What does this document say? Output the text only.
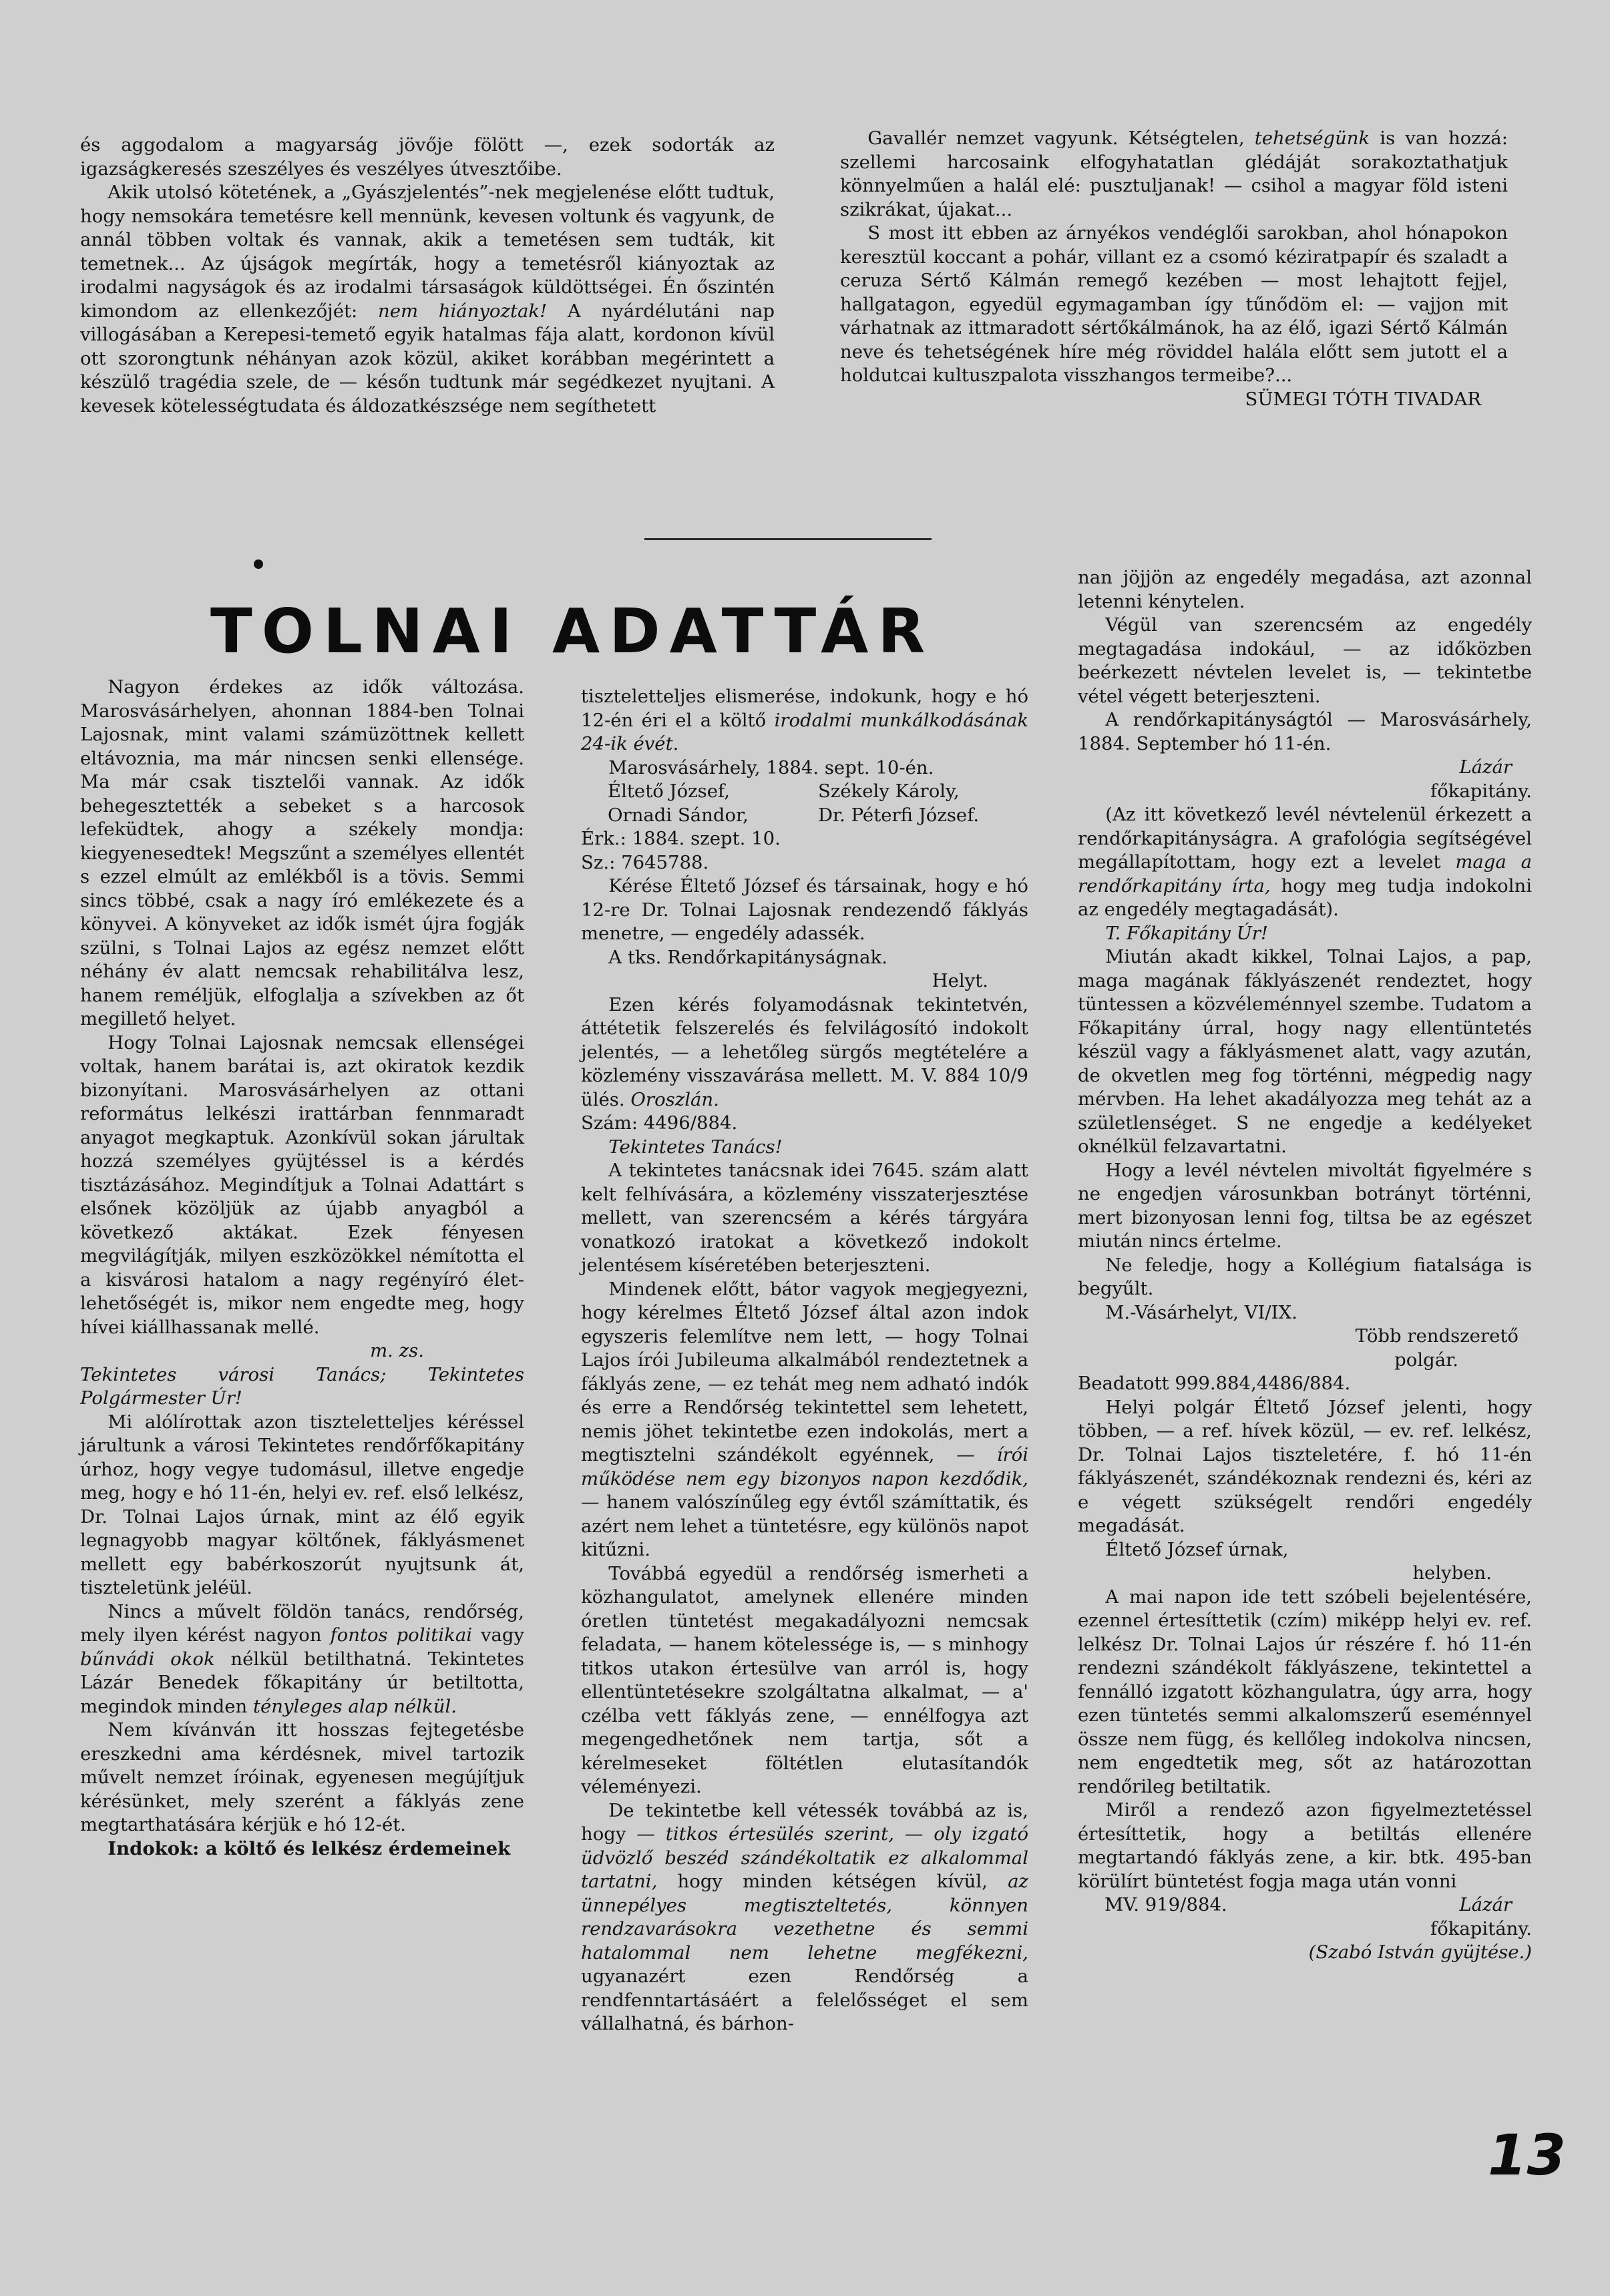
és aggodalom a magyarság jövője fölött —, ezek sodorták az igazságkeresés szeszélyes és veszélyes útvesztőibe.

Akik utolsó kötetének, a „Gyászjelentés”-nek megjelenése előtt tudtuk, hogy nemsokára temetésre kell mennünk, kevesen voltunk és vagyunk, de annál többen voltak és vannak, akik a temetésen sem tudták, kit temetnek... Az újságok megírták, hogy a temetésről kiányoztak az irodalmi nagyságok és az irodalmi társaságok küldöttségei. Én őszintén kimondom az ellenkezőjét: nem hiányoztak! A nyárdélutáni nap villogásában a Kerepesi-temető egyik hatalmas fája alatt, kordonon kívül ott szorongtunk néhányan azok közül, akiket korábban megérintett a készülő tragédia szele, de — későn tudtunk már segédkezet nyujtani. A kevesek kötelességtudata és áldozatkészsége nem segíthetett

Gavallér nemzet vagyunk. Kétségtelen, tehetségünk is van hozzá: szellemi harcosaink elfogyhatatlan glédáját sorakoztathatjuk könnyelműen a halál elé: pusztuljanak! — csihol a magyar föld isteni szikrákat, újakat...

S most itt ebben az árnyékos vendéglői sarokban, ahol hónapokon keresztül koccant a pohár, villant ez a csomó kéziratpapír és szaladt a ceruza Sértő Kálmán remegő kezében — most lehajtott fejjel, hallgatagon, egyedül egymagamban így tűnődöm el: — vajjon mit várhatnak az ittmaradott sértőkálmánok, ha az élő, igazi Sértő Kálmán neve és tehetségének híre még röviddel halála előtt sem jutott el a holdutcai kultuszpalota visszhangos termeibe?...

SÜMEGI TÓTH TIVADAR

TOLNAI ADATTÁR

Nagyon érdekes az idők változása. Marosvásárhelyen, ahonnan 1884-ben Tolnai Lajosnak, mint valami számüzöttnek kellett eltávoznia, ma már nincsen senki ellensége. Ma már csak tisztelői vannak. Az idők behegesztették a sebeket s a harcosok lefeküdtek, ahogy a székely mondja: kiegyenesedtek! Megszűnt a személyes ellentét s ezzel elmúlt az emlékből is a tövis. Semmi sincs többé, csak a nagy író emlékezete és a könyvei. A könyveket az idők ismét újra fogják szülni, s Tolnai Lajos az egész nemzet előtt néhány év alatt nemcsak rehabilitálva lesz, hanem reméljük, elfoglalja a szívekben az őt megillető helyet.

Hogy Tolnai Lajosnak nemcsak ellenségei voltak, hanem barátai is, azt okiratok kezdik bizonyítani. Marosvásárhelyen az ottani református lelkészi irattárban fennmaradt anyagot megkaptuk. Azonkívül sokan járultak hozzá személyes gyüjtéssel is a kérdés tisztázásához. Megindítjuk a Tolnai Adattárt s elsőnek közöljük az újabb anyagból a következő aktákat. Ezek fényesen megvilágítják, milyen eszközökkel némította el a kisvárosi hatalom a nagy regényíró élet-lehetőségét is, mikor nem engedte meg, hogy hívei kiállhassanak mellé.

m. zs.

Tekintetes városi Tanács; Tekintetes Polgármester Úr!

Mi alólírottak azon tiszteletteljes kéréssel járultunk a városi Tekintetes rendőrfőkapitány úrhoz, hogy vegye tudomásul, illetve engedje meg, hogy e hó 11-én, helyi ev. ref. első lelkész, Dr. Tolnai Lajos úrnak, mint az élő egyik legnagyobb magyar költőnek, fáklyásmenet mellett egy babérkoszorút nyujtsunk át, tiszteletünk jeléül.

Nincs a művelt földön tanács, rendőrség, mely ilyen kérést nagyon fontos politikai vagy bűnvádi okok nélkül betilthatná. Tekintetes Lázár Benedek főkapitány úr betiltotta, megindok minden tényleges alap nélkül.

Nem kívánván itt hosszas fejtegetésbe ereszkedni ama kérdésnek, mivel tartozik művelt nemzet íróinak, egyenesen megújítjuk kérésünket, mely szerént a fáklyás zene megtarthatására kérjük e hó 12-ét.

Indokok: a költő és lelkész érdemeinek

tiszteletteljes elismerése, indokunk, hogy e hó 12-én éri el a költő irodalmi munkálkodásának 24-ik évét.

Marosvásárhely, 1884. sept. 10-én.

Éltető József,	Székely Károly,
Ornadi Sándor,	Dr. Péterfi József.

Érk.: 1884. szept. 10.

Sz.: 7645788.

Kérése Éltető József és társainak, hogy e hó 12-re Dr. Tolnai Lajosnak rendezendő fáklyás menetre, — engedély adassék.

A tks. Rendőrkapitányságnak.

Helyt.

Ezen kérés folyamodásnak tekintetvén, áttétetik felszerelés és felvilágosító indokolt jelentés, — a lehetőleg sürgős megtételére a közlemény visszavárása mellett. M. V. 884 10/9 ülés. Oroszlán.

Szám: 4496/884.

Tekintetes Tanács!

A tekintetes tanácsnak idei 7645. szám alatt kelt felhívására, a közlemény visszaterjesztése mellett, van szerencsém a kérés tárgyára vonatkozó iratokat a következő indokolt jelentésem kíséretében beterjeszteni.

Mindenek előtt, bátor vagyok megjegyezni, hogy kérelmes Éltető József által azon indok egyszeris felemlítve nem lett, — hogy Tolnai Lajos írói Jubileuma alkalmából rendeztetnek a fáklyás zene, — ez tehát meg nem adható indók és erre a Rendőrség tekintettel sem lehetett, nemis jöhet tekintetbe ezen indokolás, mert a megtisztelni szándékolt egyénnek, — írói működése nem egy bizonyos napon kezdődik, — hanem valószínűleg egy évtől számíttatik, és azért nem lehet a tüntetésre, egy különös napot kitűzni.

Továbbá egyedül a rendőrség ismerheti a közhangulatot, amelynek ellenére minden óretlen tüntetést megakadályozni nemcsak feladata, — hanem kötelessége is, — s minhogy titkos utakon értesülve van arról is, hogy ellentüntetésekre szolgáltatna alkalmat, — a' czélba vett fáklyás zene, — ennélfogya azt megengedhetőnek nem tartja, sőt a kérelmeseket föltétlen elutasítandók véleményezi.

De tekintetbe kell vétessék továbbá az is, hogy — titkos értesülés szerint, — oly izgató üdvözlő beszéd szándékoltatik ez alkalommal tartatni, hogy minden kétségen kívül, az ünnepélyes megtiszteltetés, könnyen rendzavarásokra vezethetne és semmi hatalommal nem lehetne megfékezni, ugyanazért ezen Rendőrség a rendfenntartásáért a felelősséget el sem vállalhatná, és bárhon-

nan jöjjön az engedély megadása, azt azonnal letenni kénytelen.

Végül van szerencsém az engedély megtagadása indokául, — az időközben beérkezett névtelen levelet is, — tekintetbe vétel végett beterjeszteni.

A rendőrkapitányságtól — Marosvásárhely, 1884. September hó 11-én.

Lázár

főkapitány.

(Az itt következő levél névtelenül érkezett a rendőrkapitányságra. A grafológia segítségével megállapítottam, hogy ezt a levelet maga a rendőrkapitány írta, hogy meg tudja indokolni az engedély megtagadását).

T. Főkapitány Úr!

Miután akadt kikkel, Tolnai Lajos, a pap, maga magának fáklyászenét rendeztet, hogy tüntessen a közvéleménnyel szembe. Tudatom a Főkapitány úrral, hogy nagy ellentüntetés készül vagy a fáklyásmenet alatt, vagy azután, de okvetlen meg fog történni, mégpedig nagy mérvben. Ha lehet akadályozza meg tehát az a születlenséget. S ne engedje a kedélyeket oknélkül felzavartatni.

Hogy a levél névtelen mivoltát figyelmére s ne engedjen városunkban botrányt történni, mert bizonyosan lenni fog, tiltsa be az egészet miután nincs értelme.

Ne feledje, hogy a Kollégium fiatalsága is begyűlt.

M.-Vásárhelyt, VI/IX.

Több rendszerető

polgár.

Beadatott 999.884,4486/884.

Helyi polgár Éltető József jelenti, hogy többen, — a ref. hívek közül, — ev. ref. lelkész, Dr. Tolnai Lajos tiszteletére, f. hó 11-én fáklyászenét, szándékoznak rendezni és, kéri az e végett szükségelt rendőri engedély megadását.

Éltető József úrnak,

helyben.

A mai napon ide tett szóbeli bejelentésére, ezennel értesíttetik (czím) miképp helyi ev. ref. lelkész Dr. Tolnai Lajos úr részére f. hó 11-én rendezni szándékolt fáklyászene, tekintettel a fennálló izgatott közhangulatra, úgy arra, hogy ezen tüntetés semmi alkalomszerű eseménnyel össze nem függ, és kellőleg indokolva nincsen, nem engedtetik meg, sőt az határozottan rendőrileg betiltatik.

Miről a rendező azon figyelmeztetéssel értesíttetik, hogy a betiltás ellenére megtartandó fáklyás zene, a kir. btk. 495-ban körülírt büntetést fogja maga után vonni

MV. 919/884.	Lázár

főkapitány.

(Szabó István gyüjtése.)

13
